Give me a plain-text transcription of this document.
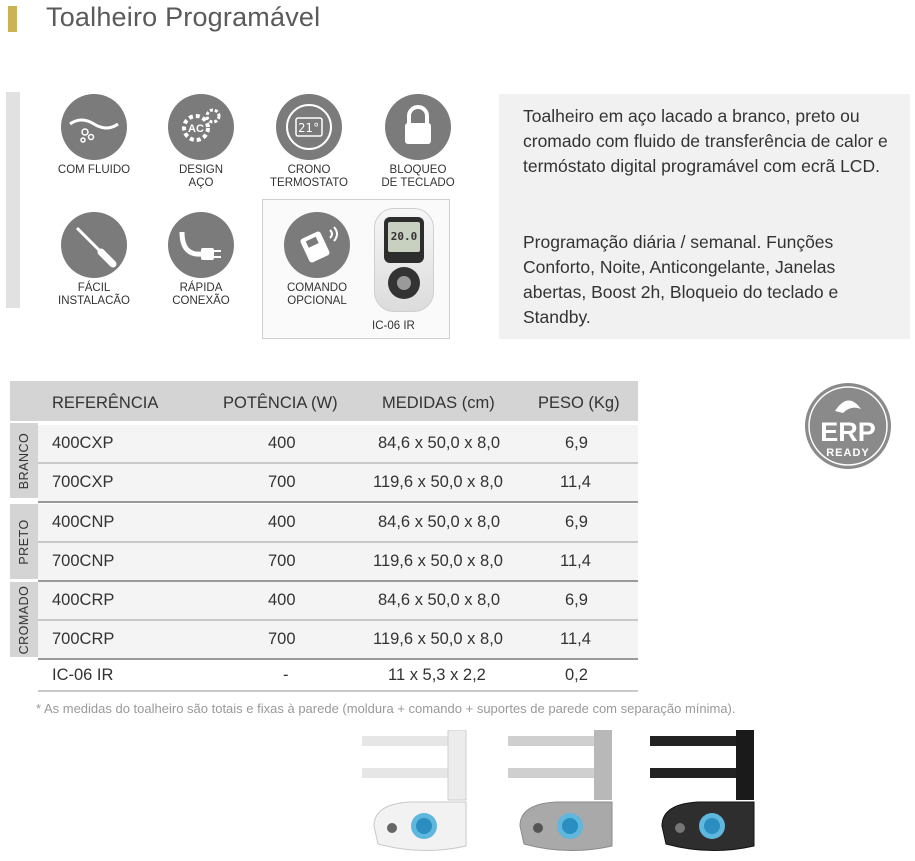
Toalheiro Programável
COM FLUIDO
AC
DESIGN
AÇO
21°
CRONO
TERMOSTATO
BLOQUEO
DE TECLADO
FÁCIL
INSTALACÃO
RÁPIDA
CONEXÃO
COMANDO
OPCIONAL
20.0
IC-06 IR

Toalheiro em aço lacado a branco, preto ou cromado com fluido de transferência de calor e termóstato digital programável com ecrã LCD.

Programação diária / semanal. Funções Conforto, Noite, Anticongelante, Janelas abertas, Boost 2h, Bloqueio do teclado e Standby.

REFERÊNCIA	POTÊNCIA (W)	MEDIDAS (cm)	PESO (Kg)
BRANCO 400CXP	400	84,6 x 50,0 x 8,0	6,9
700CXP	700	119,6 x 50,0 x 8,0	11,4
PRETO 400CNP	400	84,6 x 50,0 x 8,0	6,9
700CNP	700	119,6 x 50,0 x 8,0	11,4
CROMADO 400CRP	400	84,6 x 50,0 x 8,0	6,9
700CRP	700	119,6 x 50,0 x 8,0	11,4
IC-06 IR	-	11 x 5,3 x 2,2	0,2
* As medidas do toalheiro são totais e fixas à parede (moldura + comando + suportes de parede com separação mínima).
ERP
READY
